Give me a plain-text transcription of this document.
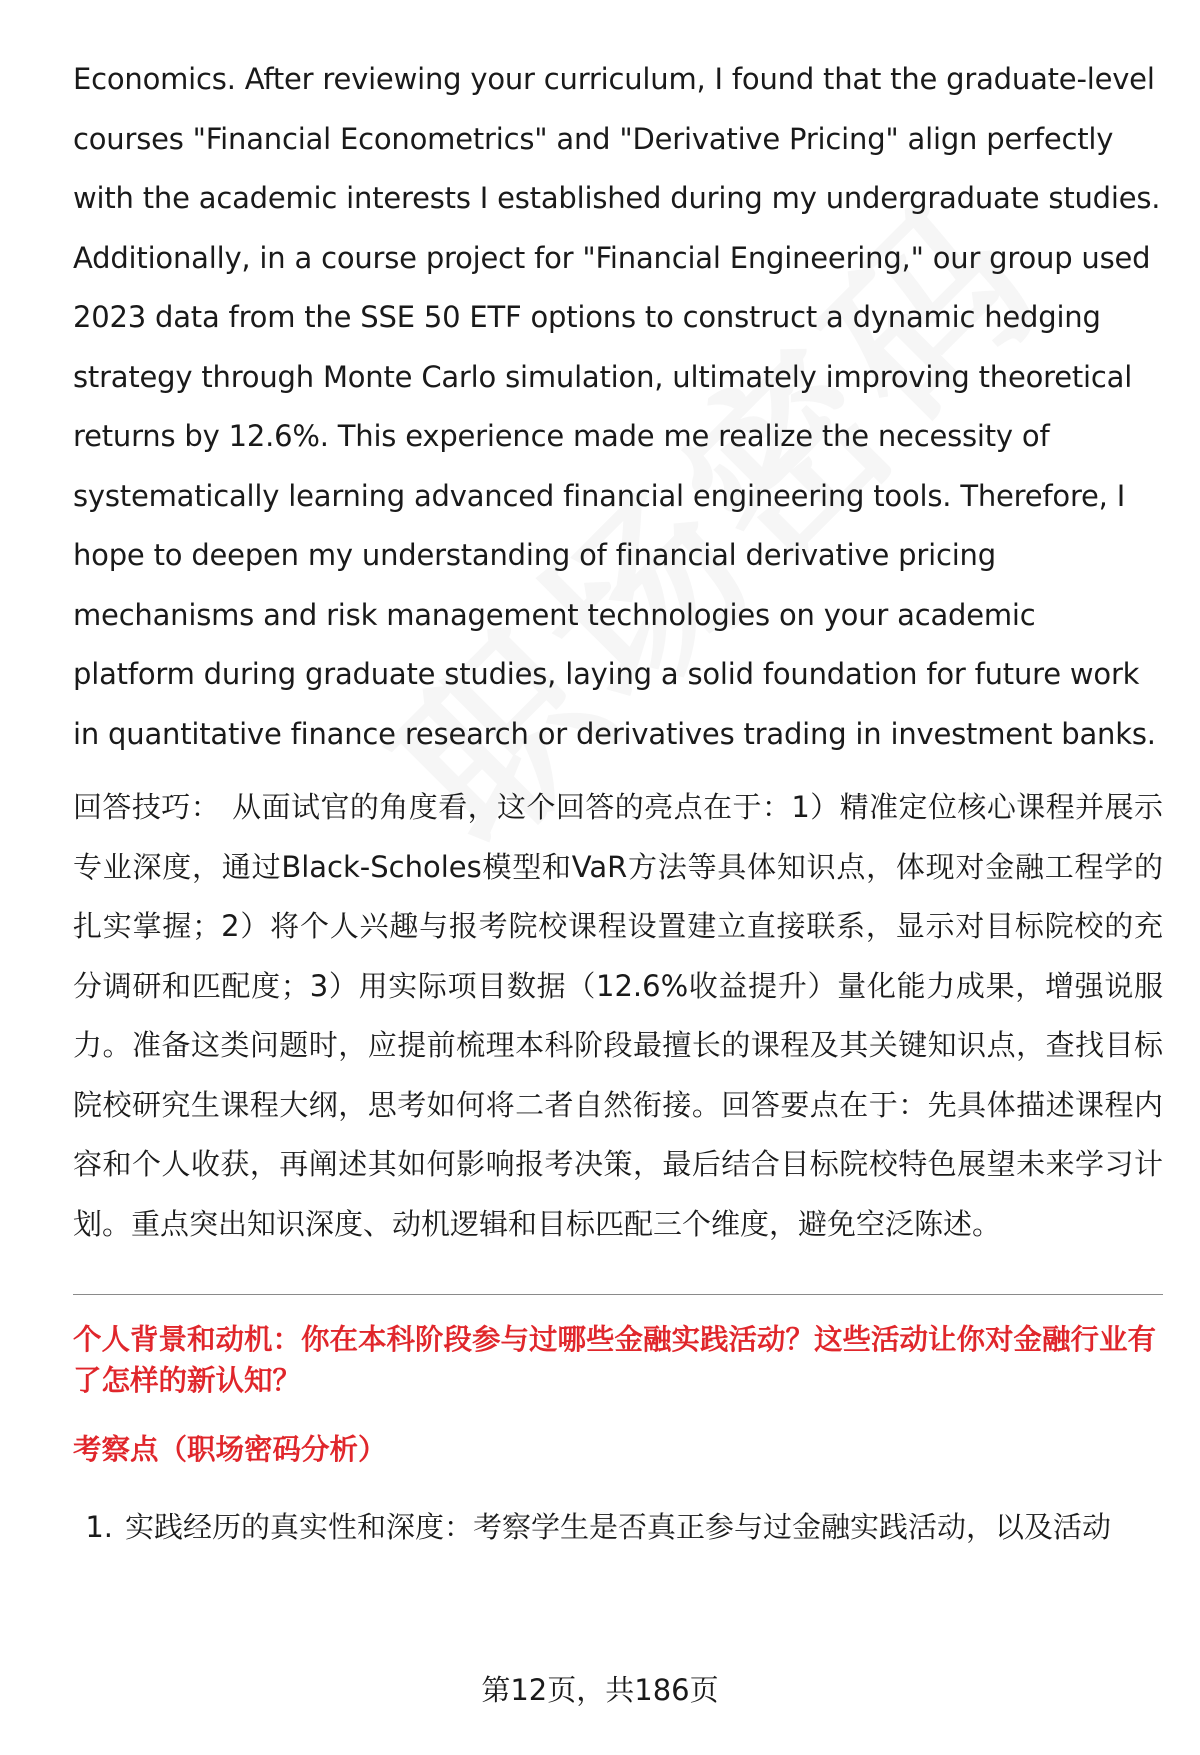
Economics. After reviewing your curriculum, I found that the graduate-level courses "Financial Econometrics" and "Derivative Pricing" align perfectly with the academic interests I established during my undergraduate studies. Additionally, in a course project for "Financial Engineering," our group used 2023 data from the SSE 50 ETF options to construct a dynamic hedging strategy through Monte Carlo simulation, ultimately improving theoretical returns by 12.6%. This experience made me realize the necessity of systematically learning advanced financial engineering tools. Therefore, I hope to deepen my understanding of financial derivative pricing mechanisms and risk management technologies on your academic platform during graduate studies, laying a solid foundation for future work in quantitative finance research or derivatives trading in investment banks.

回答技巧： 从面试官的角度看，这个回答的亮点在于：1）精准定位核心课程并展示专业深度，通过Black-Scholes模型和VaR方法等具体知识点，体现对金融工程学的扎实掌握；2）将个人兴趣与报考院校课程设置建立直接联系，显示对目标院校的充分调研和匹配度；3）用实际项目数据（12.6%收益提升）量化能力成果，增强说服力。准备这类问题时，应提前梳理本科阶段最擅长的课程及其关键知识点，查找目标院校研究生课程大纲，思考如何将二者自然衔接。回答要点在于：先具体描述课程内容和个人收获，再阐述其如何影响报考决策，最后结合目标院校特色展望未来学习计划。重点突出知识深度、动机逻辑和目标匹配三个维度，避免空泛陈述。

个人背景和动机：你在本科阶段参与过哪些金融实践活动？这些活动让你对金融行业有了怎样的新认知？
考察点（职场密码分析）
1. 实践经历的真实性和深度：考察学生是否真正参与过金融实践活动，以及活动
第12页，共186页
